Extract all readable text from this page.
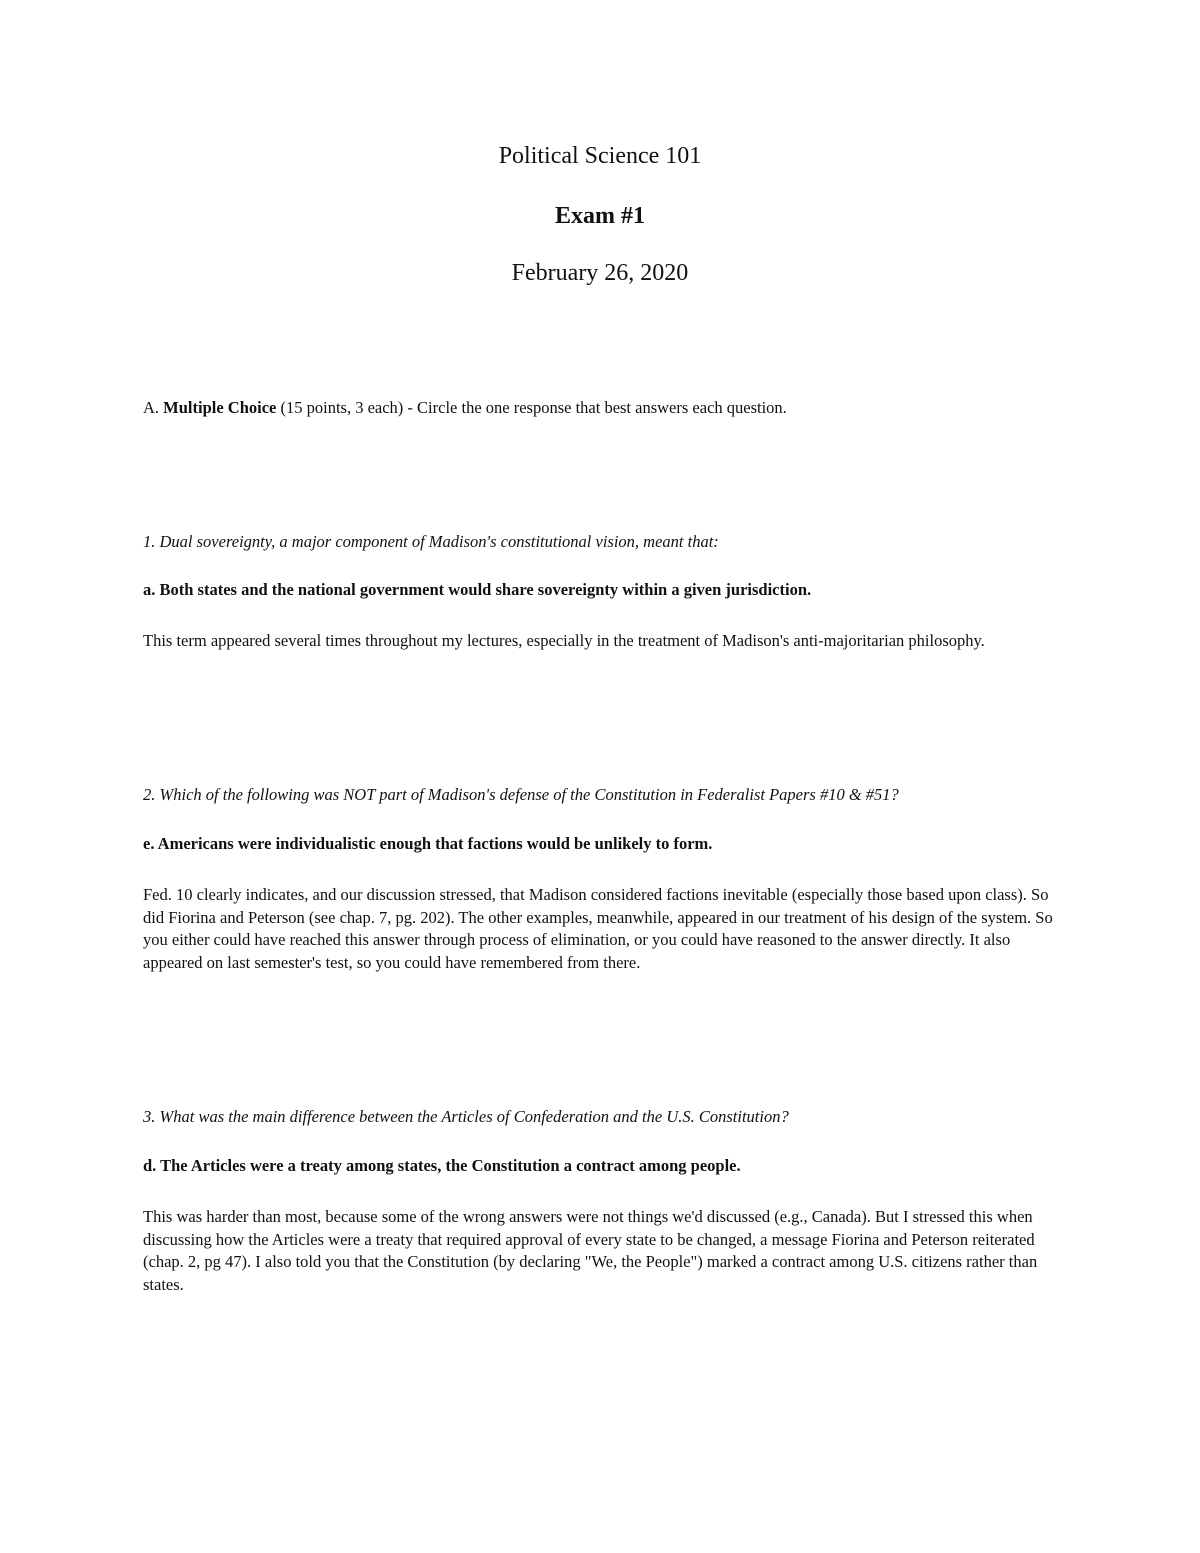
Political Science 101

Exam #1

February 26, 2020

A. Multiple Choice (15 points, 3 each) - Circle the one response that best answers each question.

1. Dual sovereignty, a major component of Madison's constitutional vision, meant that:

a. Both states and the national government would share sovereignty within a given jurisdiction.

This term appeared several times throughout my lectures, especially in the treatment of Madison's anti-majoritarian philosophy.

2. Which of the following was NOT part of Madison's defense of the Constitution in Federalist Papers #10 & #51?

e. Americans were individualistic enough that factions would be unlikely to form.

Fed. 10 clearly indicates, and our discussion stressed, that Madison considered factions inevitable (especially those based upon class). So did Fiorina and Peterson (see chap. 7, pg. 202). The other examples, meanwhile, appeared in our treatment of his design of the system. So you either could have reached this answer through process of elimination, or you could have reasoned to the answer directly. It also appeared on last semester's test, so you could have remembered from there.

3. What was the main difference between the Articles of Confederation and the U.S. Constitution?

d. The Articles were a treaty among states, the Constitution a contract among people.

This was harder than most, because some of the wrong answers were not things we'd discussed (e.g., Canada). But I stressed this when discussing how the Articles were a treaty that required approval of every state to be changed, a message Fiorina and Peterson reiterated (chap. 2, pg 47). I also told you that the Constitution (by declaring "We, the People") marked a contract among U.S. citizens rather than states.
